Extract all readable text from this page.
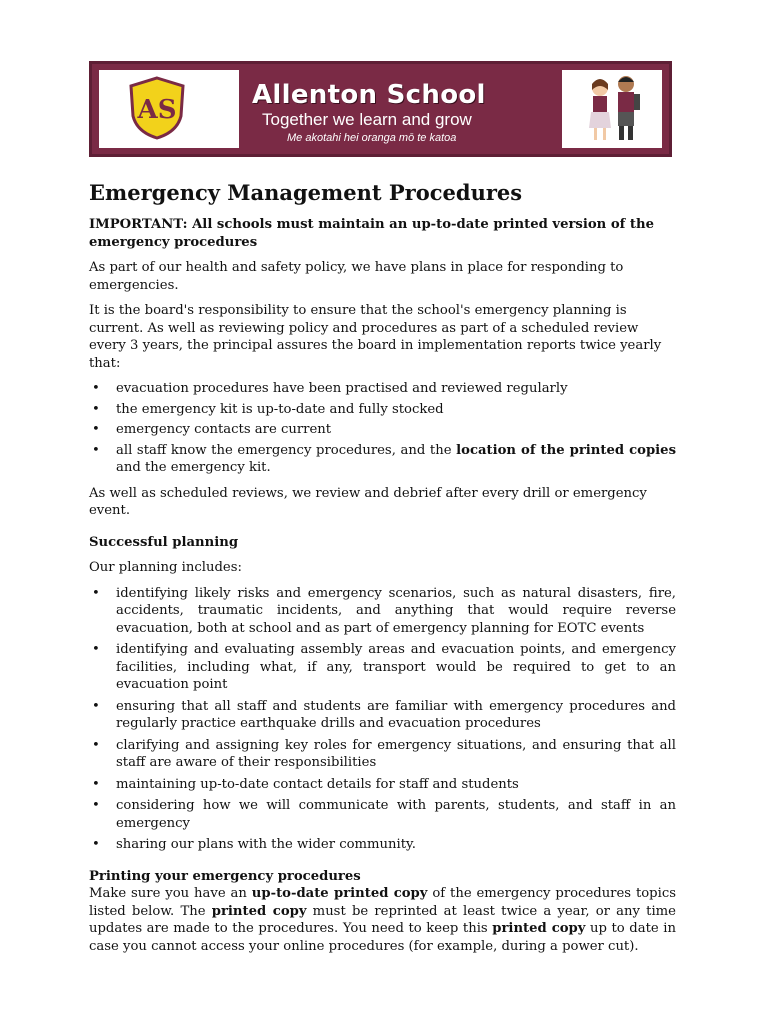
AS	Allenton School
Together we learn and grow
Me akotahi hei oranga mō te katoa
Emergency Management Procedures

IMPORTANT: All schools must maintain an up-to-date printed version of the emergency procedures

As part of our health and safety policy, we have plans in place for responding to emergencies.

It is the board's responsibility to ensure that the school's emergency planning is current. As well as reviewing policy and procedures as part of a scheduled review every 3 years, the principal assures the board in implementation reports twice yearly that:

• evacuation procedures have been practised and reviewed regularly
• the emergency kit is up-to-date and fully stocked
• emergency contacts are current
• all staff know the emergency procedures, and the location of the printed copies and the emergency kit.

As well as scheduled reviews, we review and debrief after every drill or emergency event.

Successful planning

Our planning includes:

• identifying likely risks and emergency scenarios, such as natural disasters, fire, accidents, traumatic incidents, and anything that would require reverse evacuation, both at school and as part of emergency planning for EOTC events
• identifying and evaluating assembly areas and evacuation points, and emergency facilities, including what, if any, transport would be required to get to an evacuation point
• ensuring that all staff and students are familiar with emergency procedures and regularly practice earthquake drills and evacuation procedures
• clarifying and assigning key roles for emergency situations, and ensuring that all staff are aware of their responsibilities
• maintaining up-to-date contact details for staff and students
• considering how we will communicate with parents, students, and staff in an emergency
• sharing our plans with the wider community.
Printing your emergency procedures

Make sure you have an up-to-date printed copy of the emergency procedures topics listed below. The printed copy must be reprinted at least twice a year, or any time updates are made to the procedures. You need to keep this printed copy up to date in case you cannot access your online procedures (for example, during a power cut).
